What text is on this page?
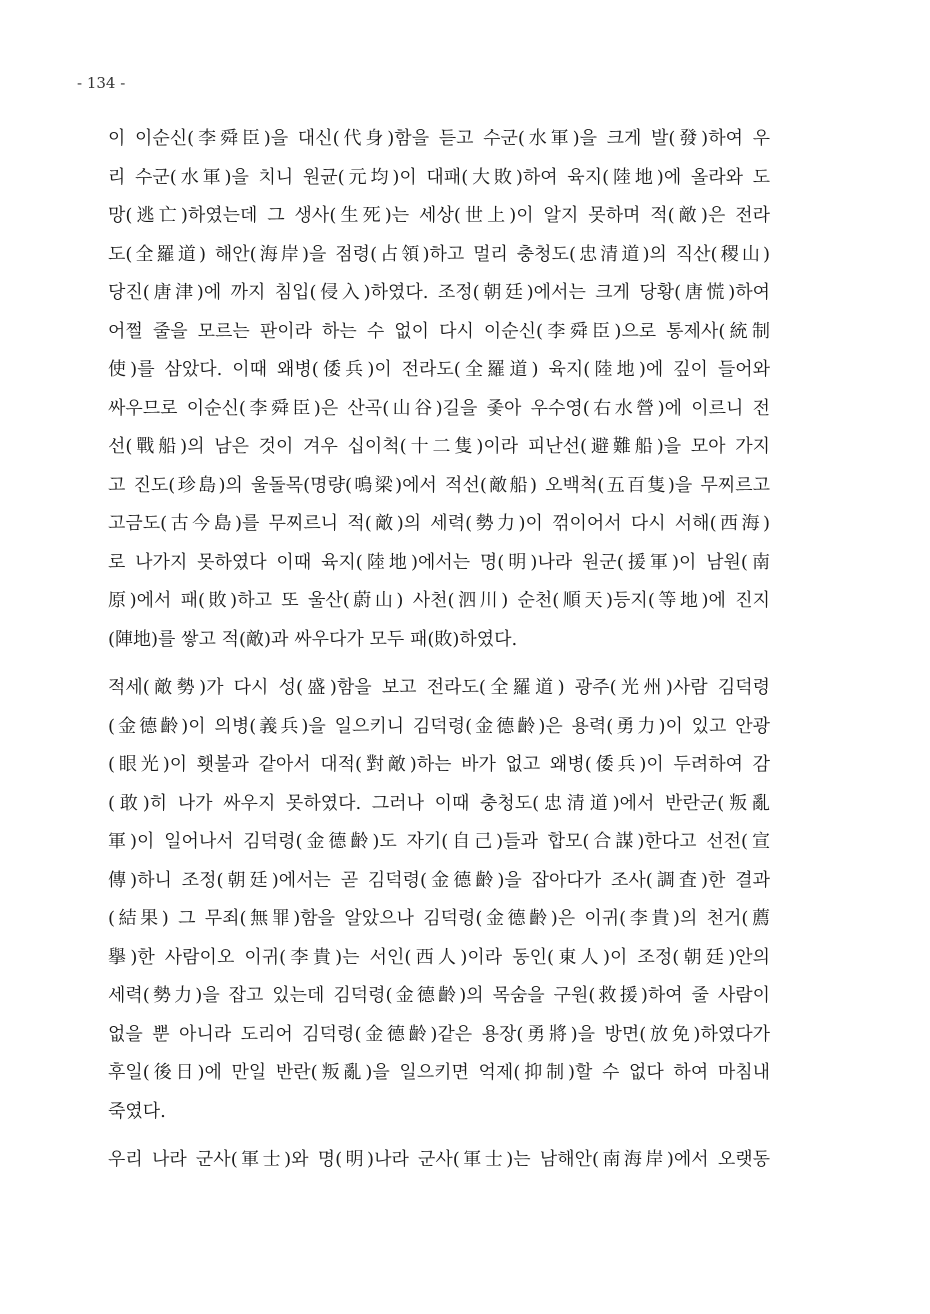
- 134 -
이 이순신(李舜臣)을 대신(代身)함을 듣고 수군(水軍)을 크게 발(發)하여 우
리 수군(水軍)을 치니 원균(元均)이 대패(大敗)하여 육지(陸地)에 올라와 도
망(逃亡)하였는데 그 생사(生死)는 세상(世上)이 알지 못하며 적(敵)은 전라
도(全羅道) 해안(海岸)을 점령(占領)하고 멀리 충청도(忠清道)의 직산(稷山)
당진(唐津)에 까지 침입(侵入)하였다. 조정(朝廷)에서는 크게 당황(唐慌)하여
어쩔 줄을 모르는 판이라 하는 수 없이 다시 이순신(李舜臣)으로 통제사(統制
使)를 삼았다. 이때 왜병(倭兵)이 전라도(全羅道) 육지(陸地)에 깊이 들어와
싸우므로 이순신(李舜臣)은 산곡(山谷)길을 좇아 우수영(右水營)에 이르니 전
선(戰船)의 남은 것이 겨우 십이척(十二隻)이라 피난선(避難船)을 모아 가지
고 진도(珍島)의 울돌목(명량(鳴梁)에서 적선(敵船) 오백척(五百隻)을 무찌르고
고금도(古今島)를 무찌르니 적(敵)의 세력(勢力)이 꺾이어서 다시 서해(西海)
로 나가지 못하였다 이때 육지(陸地)에서는 명(明)나라 원군(援軍)이 남원(南
原)에서 패(敗)하고 또 울산(蔚山) 사천(泗川) 순천(順天)등지(等地)에 진지
(陣地)를 쌓고 적(敵)과 싸우다가 모두 패(敗)하였다.
적세(敵勢)가 다시 성(盛)함을 보고 전라도(全羅道) 광주(光州)사람 김덕령
(金德齡)이 의병(義兵)을 일으키니 김덕령(金德齡)은 용력(勇力)이 있고 안광
(眼光)이 횃불과 같아서 대적(對敵)하는 바가 없고 왜병(倭兵)이 두려하여 감
(敢)히 나가 싸우지 못하였다. 그러나 이때 충청도(忠清道)에서 반란군(叛亂
軍)이 일어나서 김덕령(金德齡)도 자기(自己)들과 합모(合謀)한다고 선전(宣
傳)하니 조정(朝廷)에서는 곧 김덕령(金德齡)을 잡아다가 조사(調査)한 결과
(結果) 그 무죄(無罪)함을 알았으나 김덕령(金德齡)은 이귀(李貴)의 천거(薦
擧)한 사람이오 이귀(李貴)는 서인(西人)이라 동인(東人)이 조정(朝廷)안의
세력(勢力)을 잡고 있는데 김덕령(金德齡)의 목숨을 구원(救援)하여 줄 사람이
없을 뿐 아니라 도리어 김덕령(金德齡)같은 용장(勇將)을 방면(放免)하였다가
후일(後日)에 만일 반란(叛亂)을 일으키면 억제(抑制)할 수 없다 하여 마침내
죽였다.
우리 나라 군사(軍士)와 명(明)나라 군사(軍士)는 남해안(南海岸)에서 오랫동
